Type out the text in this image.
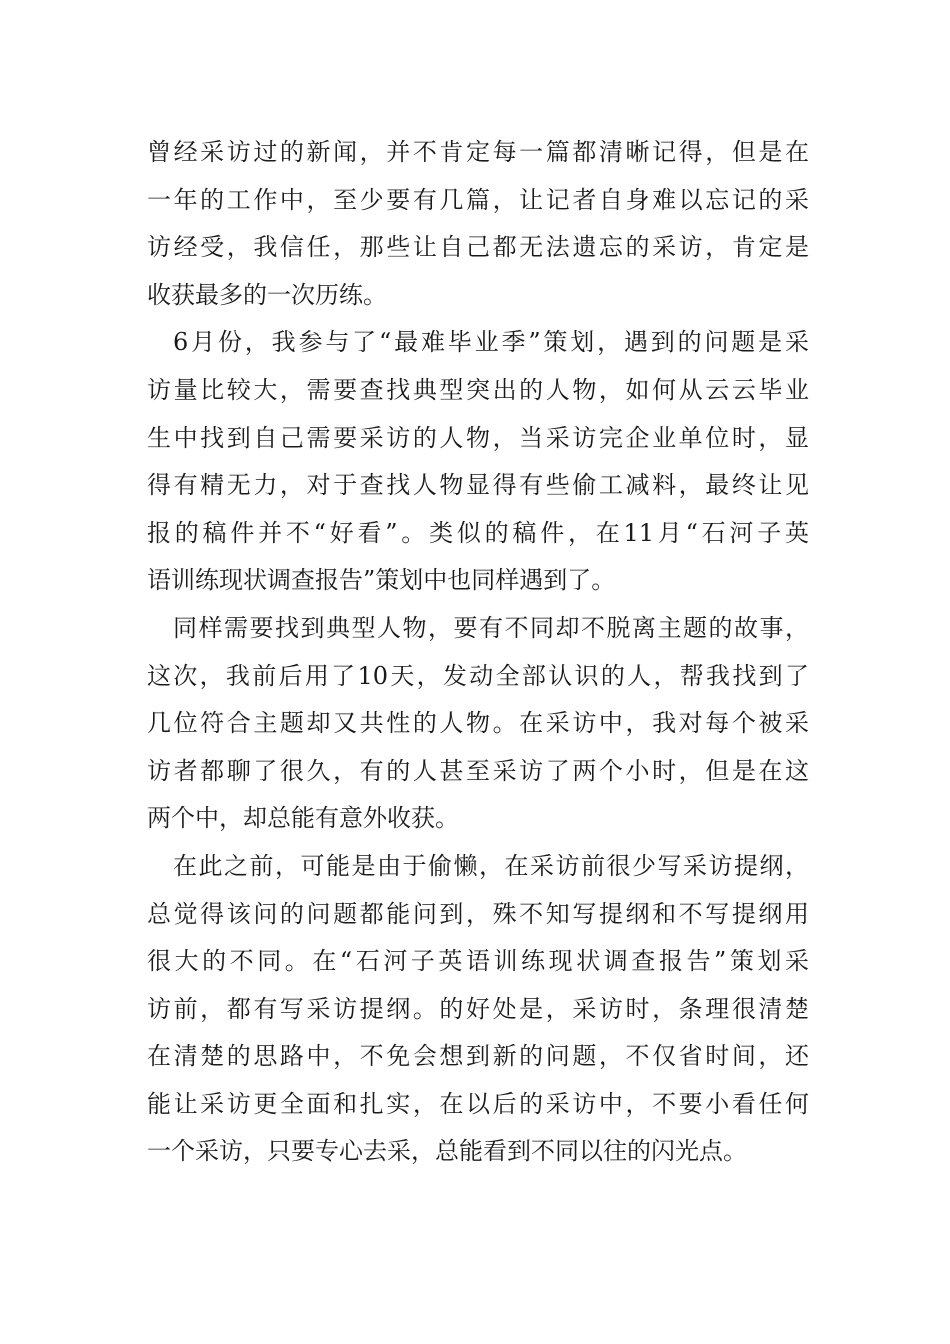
曾经采访过的新闻，并不肯定每一篇都清晰记得，但是在
一年的工作中，至少要有几篇，让记者自身难以忘记的采
访经受，我信任，那些让自己都无法遗忘的采访，肯定是
收获最多的一次历练。
6月份，我参与了“最难毕业季”策划，遇到的问题是采
访量比较大，需要查找典型突出的人物，如何从云云毕业
生中找到自己需要采访的人物，当采访完企业单位时，显
得有精无力，对于查找人物显得有些偷工减料，最终让见
报的稿件并不“好看”。类似的稿件，在11月“石河子英
语训练现状调查报告”策划中也同样遇到了。
同样需要找到典型人物，要有不同却不脱离主题的故事，
这次，我前后用了10天，发动全部认识的人，帮我找到了
几位符合主题却又共性的人物。在采访中，我对每个被采
访者都聊了很久，有的人甚至采访了两个小时，但是在这
两个中，却总能有意外收获。
在此之前，可能是由于偷懒，在采访前很少写采访提纲，
总觉得该问的问题都能问到，殊不知写提纲和不写提纲用
很大的不同。在“石河子英语训练现状调查报告”策划采
访前，都有写采访提纲。的好处是，采访时，条理很清楚
在清楚的思路中，不免会想到新的问题，不仅省时间，还
能让采访更全面和扎实，在以后的采访中，不要小看任何
一个采访，只要专心去采，总能看到不同以往的闪光点。
